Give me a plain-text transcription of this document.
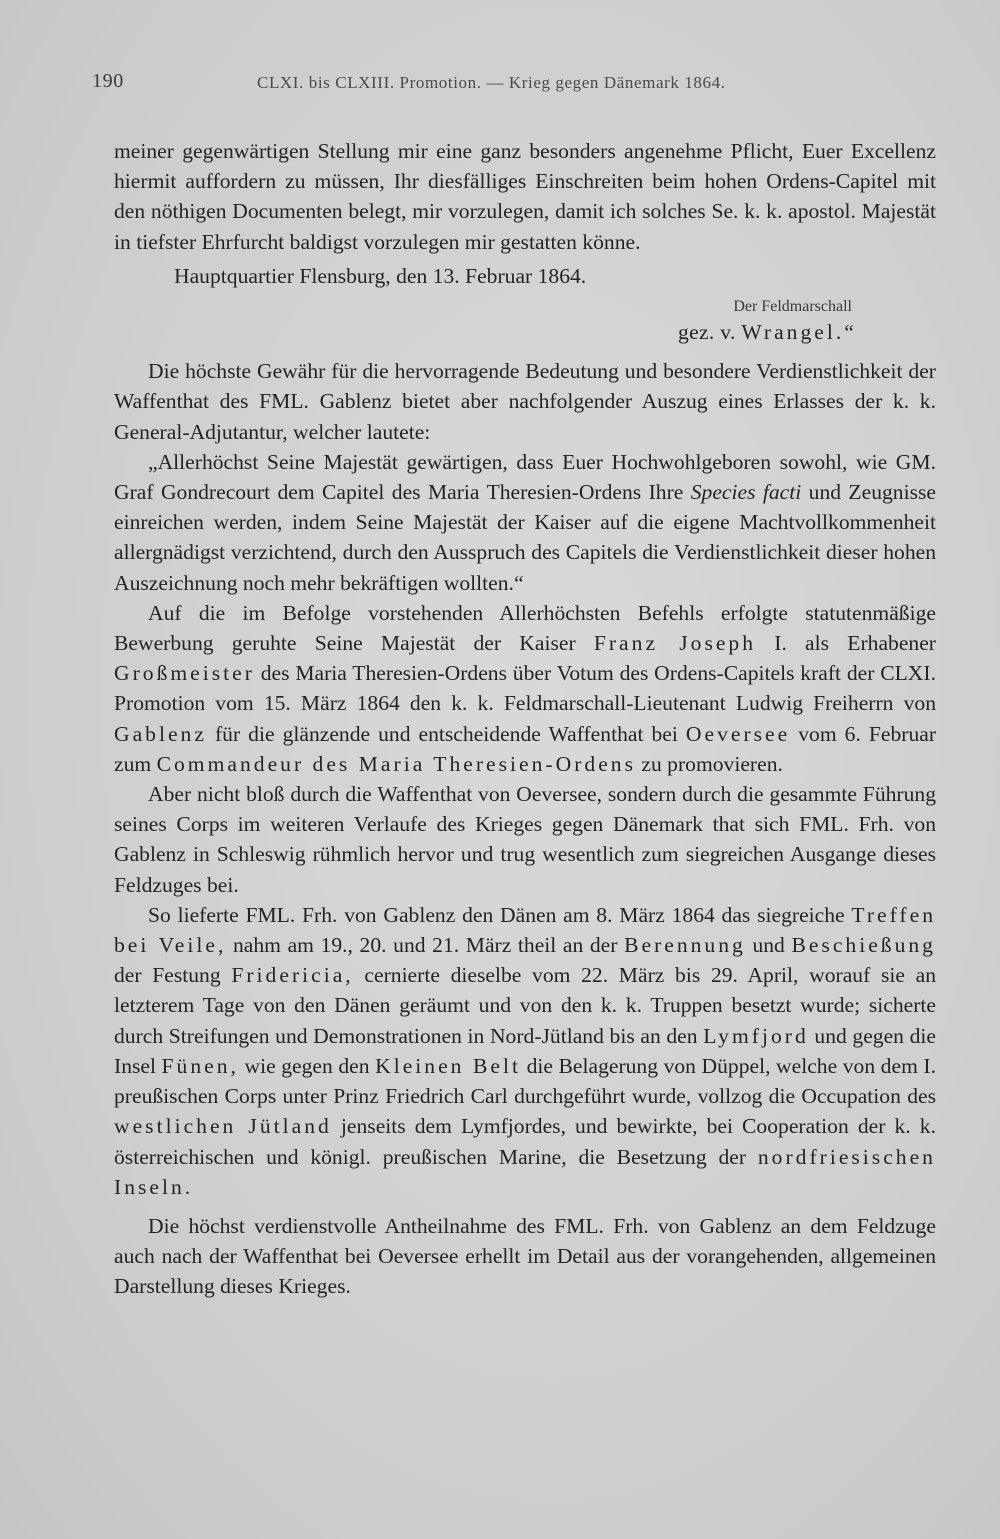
190	CLXI. bis CLXIII. Promotion. — Krieg gegen Dänemark 1864.

meiner gegenwärtigen Stellung mir eine ganz besonders angenehme Pflicht, Euer Excellenz hiermit auffordern zu müssen, Ihr diesfälliges Einschreiten beim hohen Ordens-Capitel mit den nöthigen Documenten belegt, mir vorzulegen, damit ich solches Se. k. k. apostol. Majestät in tiefster Ehrfurcht baldigst vorzulegen mir gestatten könne.

Hauptquartier Flensburg, den 13. Februar 1864.

Der Feldmarschall

gez. v. Wrangel.“

Die höchste Gewähr für die hervorragende Bedeutung und besondere Verdienstlichkeit der Waffenthat des FML. Gablenz bietet aber nachfolgender Auszug eines Erlasses der k. k. General-Adjutantur, welcher lautete:

„Allerhöchst Seine Majestät gewärtigen, dass Euer Hochwohlgeboren sowohl, wie GM. Graf Gondrecourt dem Capitel des Maria Theresien-Ordens Ihre Species facti und Zeugnisse einreichen werden, indem Seine Majestät der Kaiser auf die eigene Machtvollkommenheit allergnädigst verzichtend, durch den Ausspruch des Capitels die Verdienstlichkeit dieser hohen Auszeichnung noch mehr bekräftigen wollten.“

Auf die im Befolge vorstehenden Allerhöchsten Befehls erfolgte statutenmäßige Bewerbung geruhte Seine Majestät der Kaiser Franz Joseph I. als Erhabener Großmeister des Maria Theresien-Ordens über Votum des Ordens-Capitels kraft der CLXI. Promotion vom 15. März 1864 den k. k. Feldmarschall-Lieutenant Ludwig Freiherrn von Gablenz für die glänzende und entscheidende Waffenthat bei Oeversee vom 6. Februar zum Commandeur des Maria Theresien-Ordens zu promovieren.

Aber nicht bloß durch die Waffenthat von Oeversee, sondern durch die gesammte Führung seines Corps im weiteren Verlaufe des Krieges gegen Dänemark that sich FML. Frh. von Gablenz in Schleswig rühmlich hervor und trug wesentlich zum siegreichen Ausgange dieses Feldzuges bei.

So lieferte FML. Frh. von Gablenz den Dänen am 8. März 1864 das siegreiche Treffen bei Veile, nahm am 19., 20. und 21. März theil an der Berennung und Beschießung der Festung Fridericia, cernierte dieselbe vom 22. März bis 29. April, worauf sie an letzterem Tage von den Dänen geräumt und von den k. k. Truppen besetzt wurde; sicherte durch Streifungen und Demonstrationen in Nord-Jütland bis an den Lymfjord und gegen die Insel Fünen, wie gegen den Kleinen Belt die Belagerung von Düppel, welche von dem I. preußischen Corps unter Prinz Friedrich Carl durchgeführt wurde, vollzog die Occupation des westlichen Jütland jenseits dem Lymfjordes, und bewirkte, bei Cooperation der k. k. österreichischen und königl. preußischen Marine, die Besetzung der nordfriesischen Inseln.

Die höchst verdienstvolle Antheilnahme des FML. Frh. von Gablenz an dem Feldzuge auch nach der Waffenthat bei Oeversee erhellt im Detail aus der vorangehenden, allgemeinen Darstellung dieses Krieges.
